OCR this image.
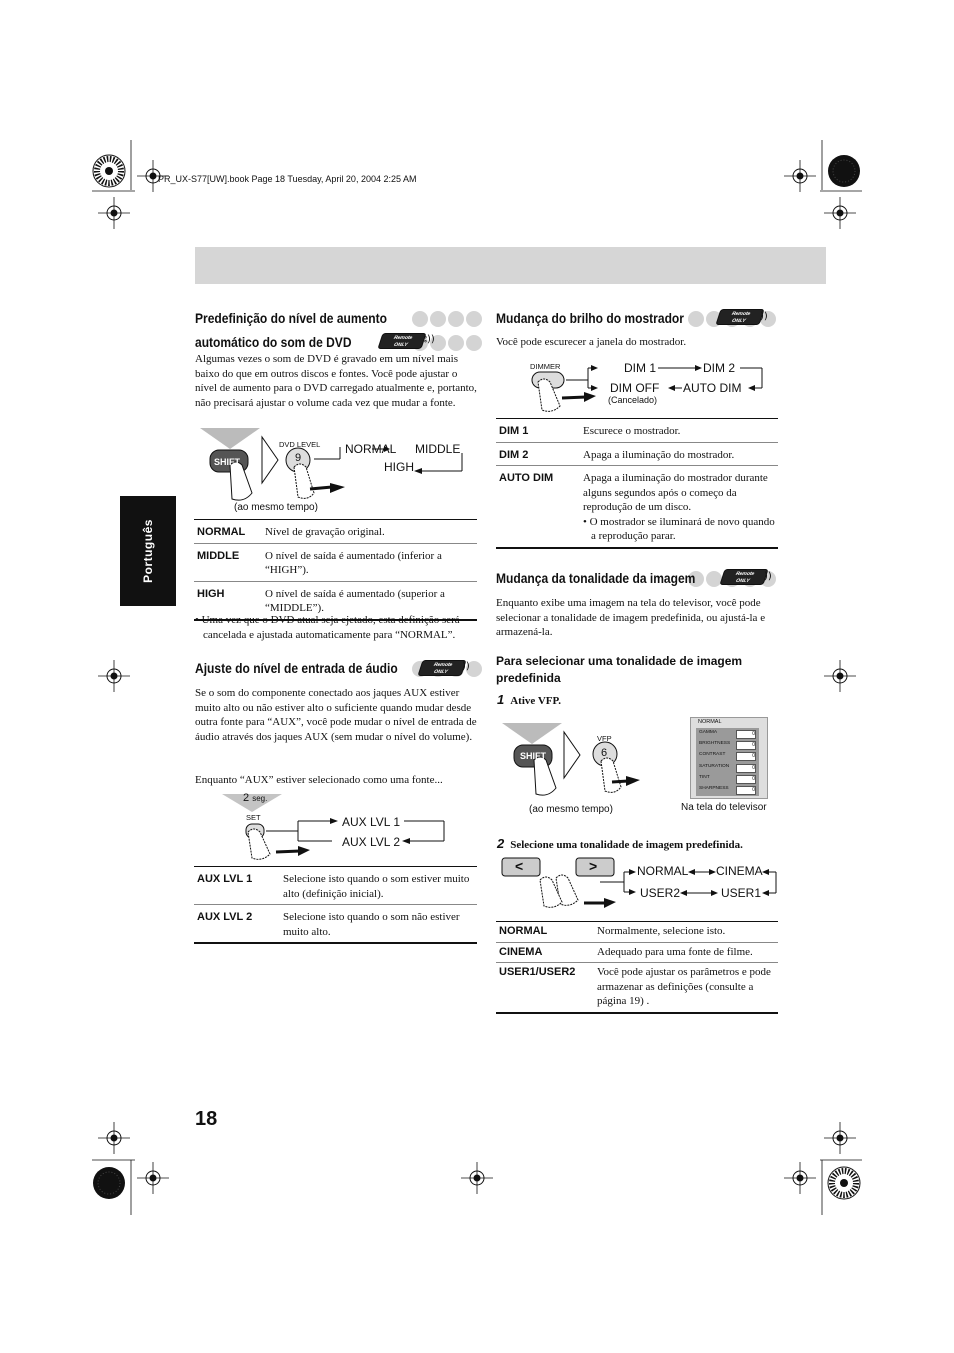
PR_UX-S77[UW].book Page 18 Tuesday, April 20, 2004 2:25 AM
Português
Predefinição do nível de aumento
automático do som de DVD	Remote
ONLY	⦂))
Algumas vezes o som de DVD é gravado em um nível mais baixo do que em outros discos e fontes. Você pode ajustar o nível de aumento para o DVD carregado atualmente e, portanto, não precisará ajustar o volume cada vez que mudar a fonte.
SHIFT
DVD LEVEL
9
NORMAL MIDDLE
HIGH
(ao mesmo tempo)
NORMAL	Nível de gravação original.
MIDDLE	O nível de saída é aumentado (inferior a “HIGH”).
HIGH	O nível de saída é aumentado (superior a “MIDDLE”).
• Uma vez que o DVD atual seja ejetado, esta definição será cancelada e ajustada automaticamente para “NORMAL”.
Ajuste do nível de entrada de áudio	Remote
ONLY	))
Se o som do componente conectado aos jaques AUX estiver muito alto ou não estiver alto o suficiente quando mudar desde outra fonte para “AUX”, você pode mudar o nível de entrada de áudio através dos jaques AUX (sem mudar o nível do volume).
Enquanto “AUX” estiver selecionado como uma fonte...
2 seg.
SET	AUX LVL 1
AUX LVL 2
AUX LVL 1	Selecione isto quando o som estiver muito alto (definição inicial).
AUX LVL 2	Selecione isto quando o som não estiver muito alto.
Mudança do brilho do mostrador	Remote
ONLY	))
Você pode escurecer a janela do mostrador.
DIMMER	DIM 1	DIM 2
DIM OFF AUTO DIM
(Cancelado)
DIM 1	Escurece o mostrador.
DIM 2	Apaga a iluminação do mostrador.
AUTO DIM	Apaga a iluminação do mostrador durante alguns segundos após o começo da reprodução de um disco.
• O mostrador se iluminará de novo quando a reprodução parar.
Mudança da tonalidade da imagem	Remote
ONLY	))
Enquanto exibe uma imagem na tela do televisor, você pode selecionar a tonalidade de imagem predefinida, ou ajustá-la e armazená-la.
Para selecionar uma tonalidade de imagem predefinida
1 Ative VFP.
SHIFT
VFP
6
(ao mesmo tempo)
NORMAL
GAMMA	0
BRIGHTNESS	0
CONTRAST	0
SATURATION	0
TINT	0
SHARPNESS	0
Na tela do televisor
2 Selecione uma tonalidade de imagem predefinida.
<	>	NORMAL CINEMA
USER2	USER1
NORMAL	Normalmente, selecione isto.
CINEMA	Adequado para uma fonte de filme.
USER1/USER2	Você pode ajustar os parâmetros e pode armazenar as definições (consulte a página 19) .
18
